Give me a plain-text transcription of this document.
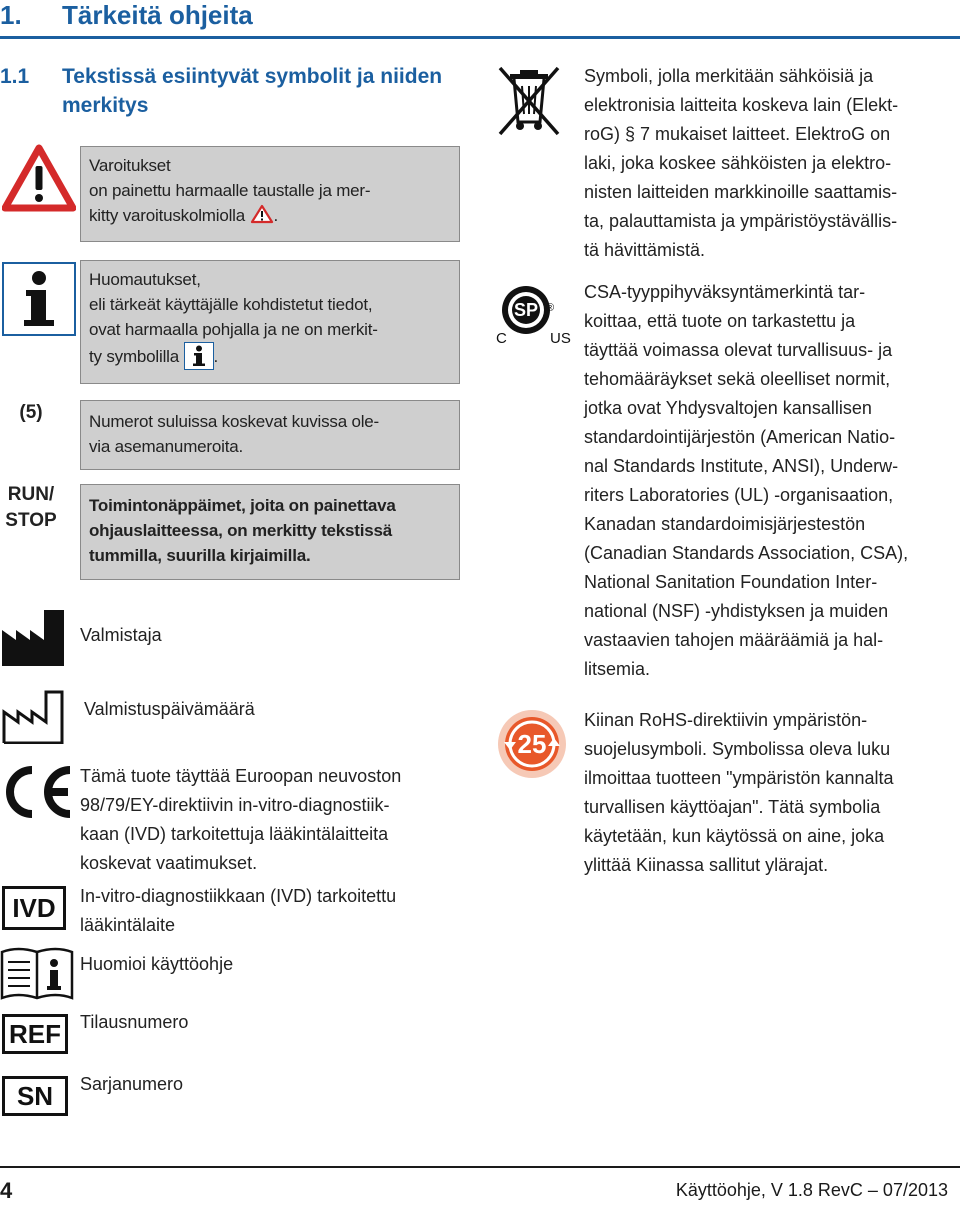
1. Tärkeitä ohjeita
1.1 Tekstissä esiintyvät symbolit ja niiden merkitys
Varoitukset
on painettu harmaalle taustalle ja mer-
kitty varoituskolmiolla .
Huomautukset,
eli tärkeät käyttäjälle kohdistetut tiedot,
ovat harmaalla pohjalla ja ne on merkit-
ty symbolilla .
(5)	Numerot suluissa koskevat kuvissa ole-
via asemanumeroita.
RUN/
STOP
Toimintonäppäimet, joita on painettava
ohjauslaitteessa, on merkitty tekstissä
tummilla, suurilla kirjaimilla.
Valmistaja
Valmistuspäivämäärä
Tämä tuote täyttää Euroopan neuvoston
98/79/EY-direktiivin in-vitro-diagnostiik-
kaan (IVD) tarkoitettuja lääkintälaitteita
koskevat vaatimukset.
IVD	In-vitro-diagnostiikkaan (IVD) tarkoitettu
lääkintälaite
Huomioi käyttöohje
REF	Tilausnumero
SN	Sarjanumero
Symboli, jolla merkitään sähköisiä ja
elektronisia laitteita koskeva lain (Elekt-
roG) § 7 mukaiset laitteet. ElektroG on
laki, joka koskee sähköisten ja elektro-
nisten laitteiden markkinoille saattamis-
ta, palauttamista ja ympäristöystävällis-
tä hävittämistä.
SP ®
C	US
CSA-tyyppihyväksyntämerkintä tar-
koittaa, että tuote on tarkastettu ja
täyttää voimassa olevat turvallisuus- ja
tehomääräykset sekä oleelliset normit,
jotka ovat Yhdysvaltojen kansallisen
standardointijärjestön (American Natio-
nal Standards Institute, ANSI), Underw-
riters Laboratories (UL) -organisaation,
Kanadan standardoimisjärjestestön
(Canadian Standards Association, CSA),
National Sanitation Foundation Inter-
national (NSF) -yhdistyksen ja muiden
vastaavien tahojen määräämiä ja hal-
litsemia.
25
Kiinan RoHS-direktiivin ympäristön-
suojelusymboli. Symbolissa oleva luku
ilmoittaa tuotteen "ympäristön kannalta
turvallisen käyttöajan". Tätä symbolia
käytetään, kun käytössä on aine, joka
ylittää Kiinassa sallitut ylärajat.
4	Käyttöohje, V 1.8 RevC – 07/2013
